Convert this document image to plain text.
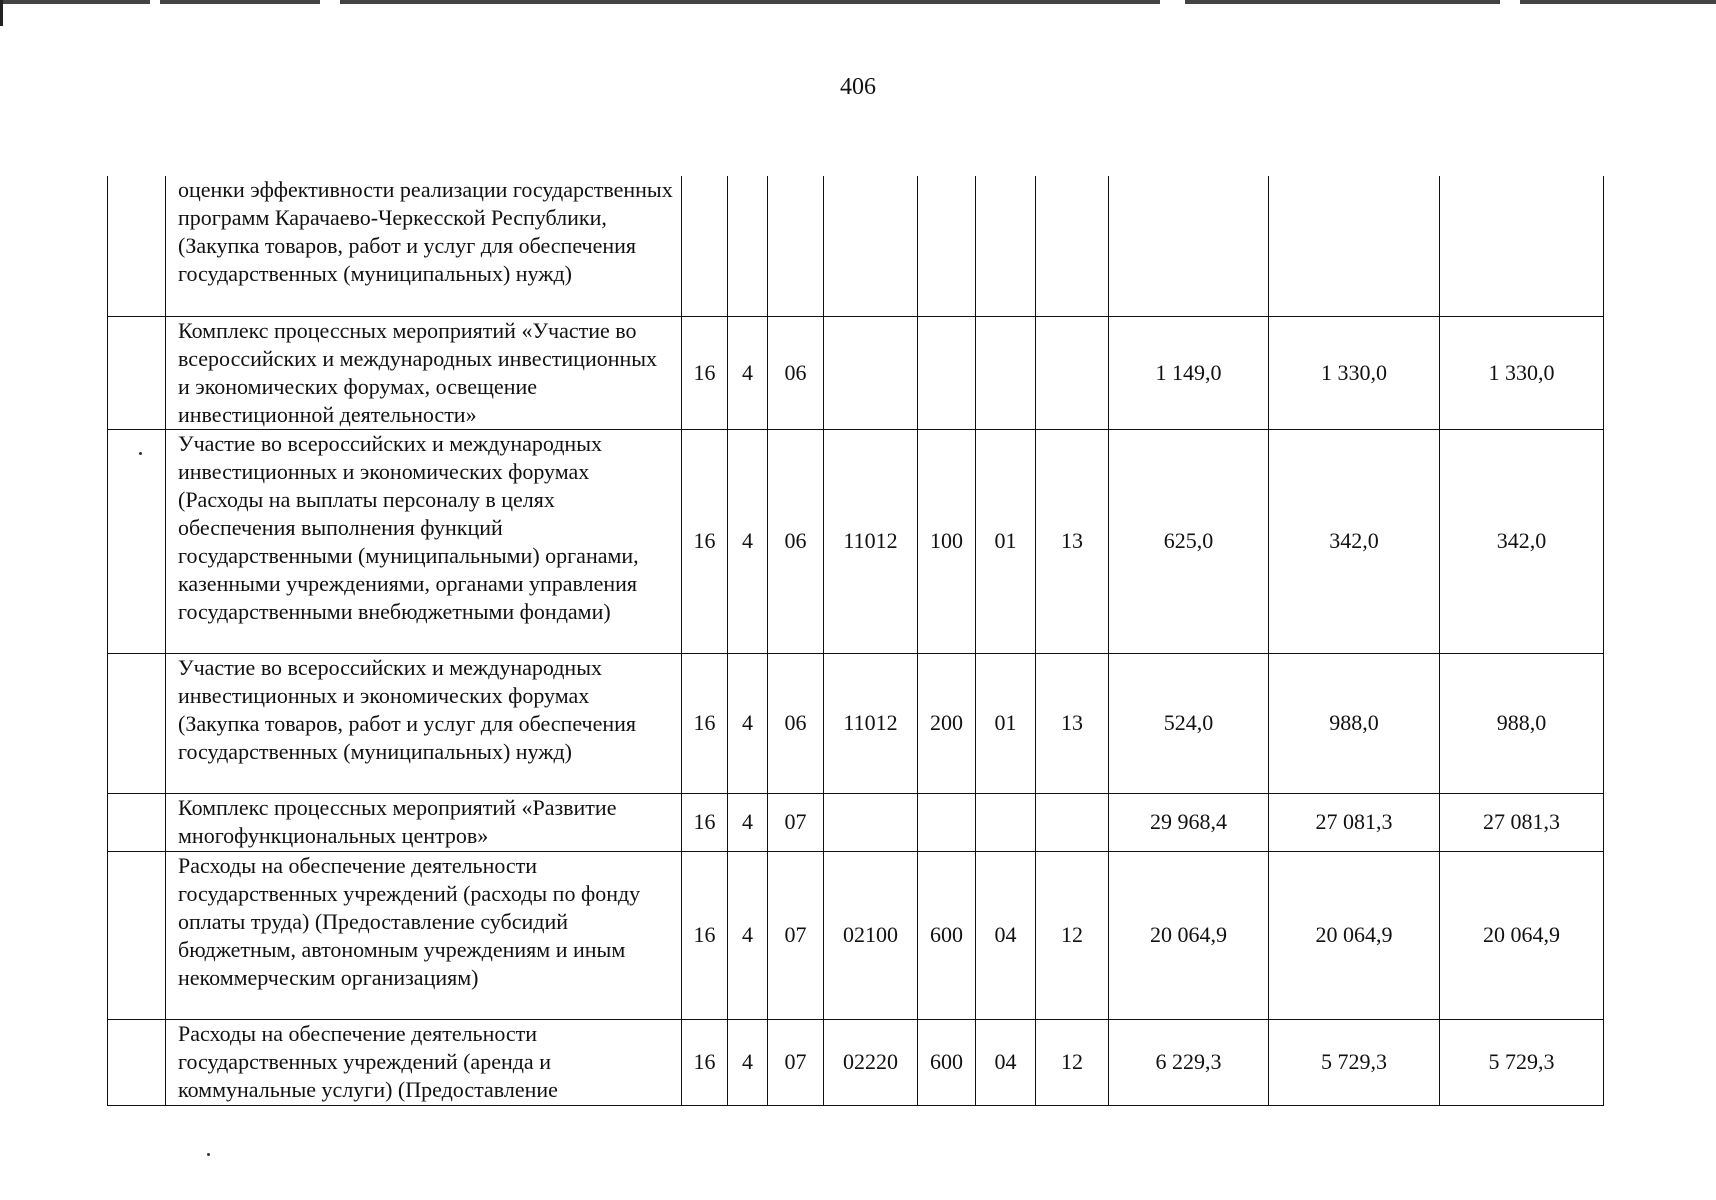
406
	оценки эффективности реализации государственных программ Карачаево-Черкесской Республики, (Закупка товаров, работ и услуг для обеспечения государственных (муниципальных) нужд)										
	Комплекс процессных мероприятий «Участие во всероссийских и международных инвестиционных и экономических форумах, освещение инвестиционной деятельности»	16	4	06					1 149,0	1 330,0	1 330,0
	Участие во всероссийских и международных инвестиционных и экономических форумах (Расходы на выплаты персоналу в целях обеспечения выполнения функций государственными (муниципальными) органами, казенными учреждениями, органами управления государственными внебюджетными фондами)	16	4	06	11012	100	01	13	625,0	342,0	342,0
	Участие во всероссийских и международных инвестиционных и экономических форумах (Закупка товаров, работ и услуг для обеспечения государственных (муниципальных) нужд)	16	4	06	11012	200	01	13	524,0	988,0	988,0
	Комплекс процессных мероприятий «Развитие многофункциональных центров»	16	4	07					29 968,4	27 081,3	27 081,3
	Расходы на обеспечение деятельности государственных учреждений (расходы по фонду оплаты труда) (Предоставление субсидий бюджетным, автономным учреждениям и иным некоммерческим организациям)	16	4	07	02100	600	04	12	20 064,9	20 064,9	20 064,9
	Расходы на обеспечение деятельности государственных учреждений (аренда и коммунальные услуги) (Предоставление	16	4	07	02220	600	04	12	6 229,3	5 729,3	5 729,3
